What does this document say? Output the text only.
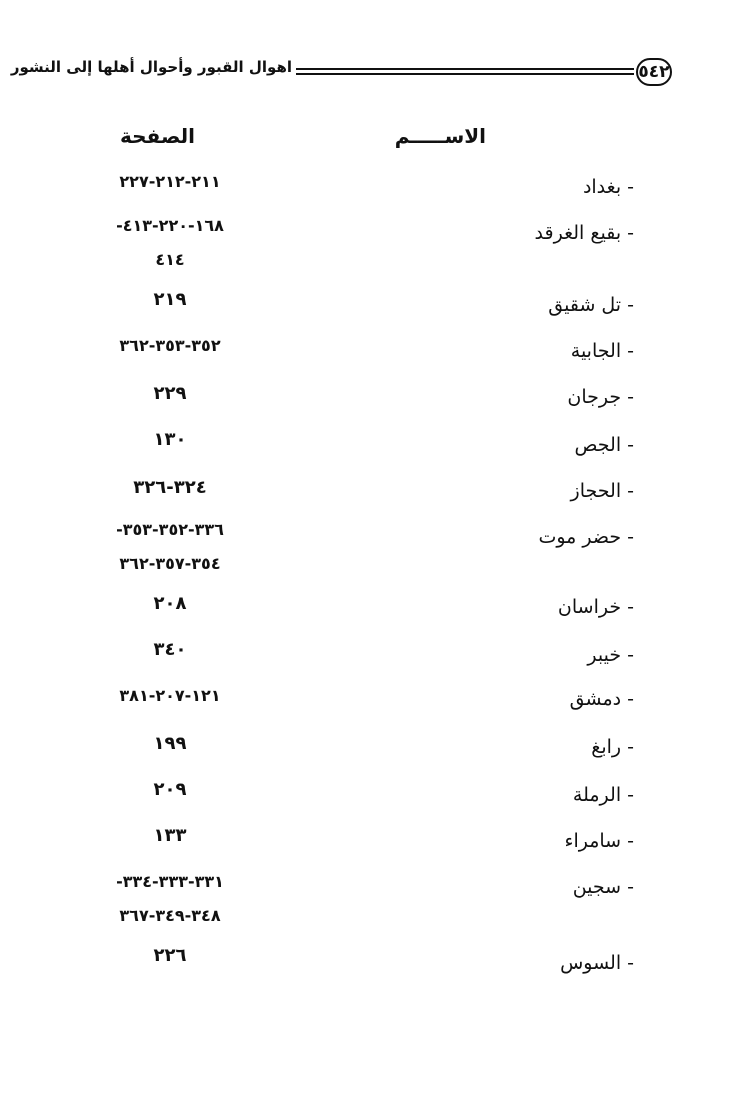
٥٤٢
اهوال القبور وأحوال أهلها إلى النشور
الاســـــم
الصفحة
- بغداد
٢١١-٢١٢-٢٢٧
- بقيع الغرقد
١٦٨-٢٢٠-٤١٣-
٤١٤
- تل شقيق
٢١٩
- الجابية
٣٥٢-٣٥٣-٣٦٢
- جرجان
٢٢٩
- الجص
١٣٠
- الحجاز
٣٢٤-٣٢٦
- حضر موت
٣٣٦-٣٥٢-٣٥٣-
٣٥٤-٣٥٧-٣٦٢
- خراسان
٢٠٨
- خيبر
٣٤٠
- دمشق
١٢١-٢٠٧-٣٨١
- رابغ
١٩٩
- الرملة
٢٠٩
- سامراء
١٣٣
- سجين
٣٣١-٣٣٣-٣٣٤-
٣٤٨-٣٤٩-٣٦٧
- السوس
٢٢٦
